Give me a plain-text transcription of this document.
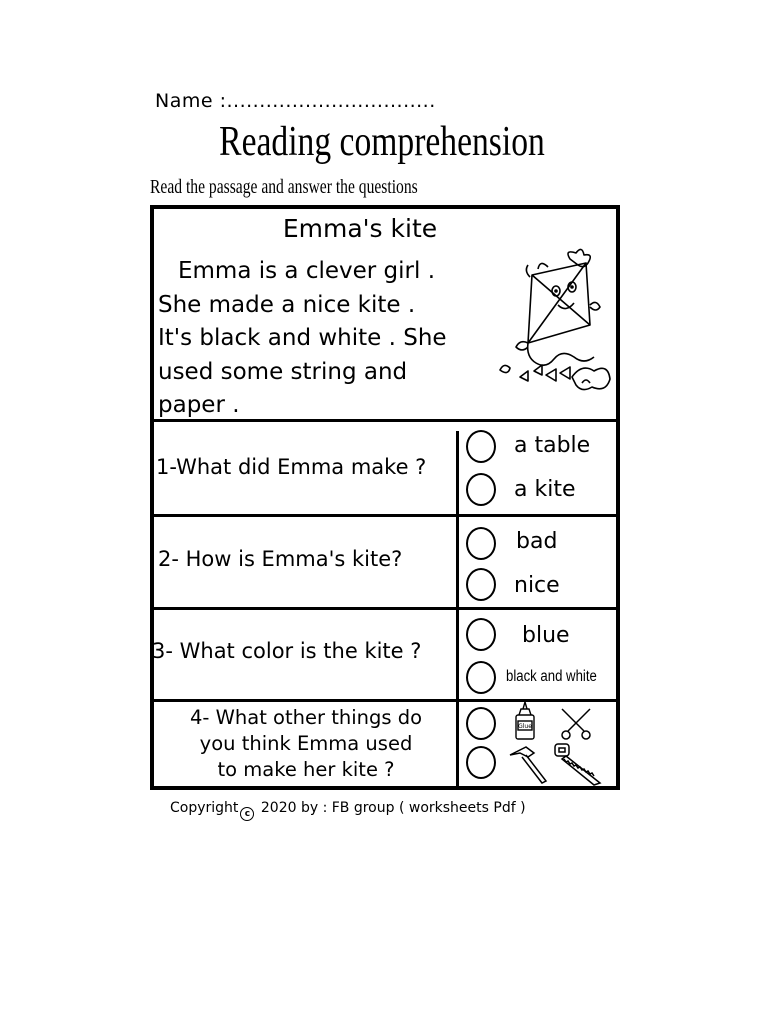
Name :................................
Reading comprehension
Read the passage and answer the questions
Emma's kite
Emma is a clever girl .
She made a nice kite .
It's black and white . She
used some string and
paper .
1-What did Emma make ?
a table
a kite
2- How is Emma's kite?
bad
nice
3- What color is the kite ?
blue
black and white
4- What other things do
you think Emma used
to make her kite ?
Glue
Copyright c 2020 by : FB group ( worksheets Pdf )
